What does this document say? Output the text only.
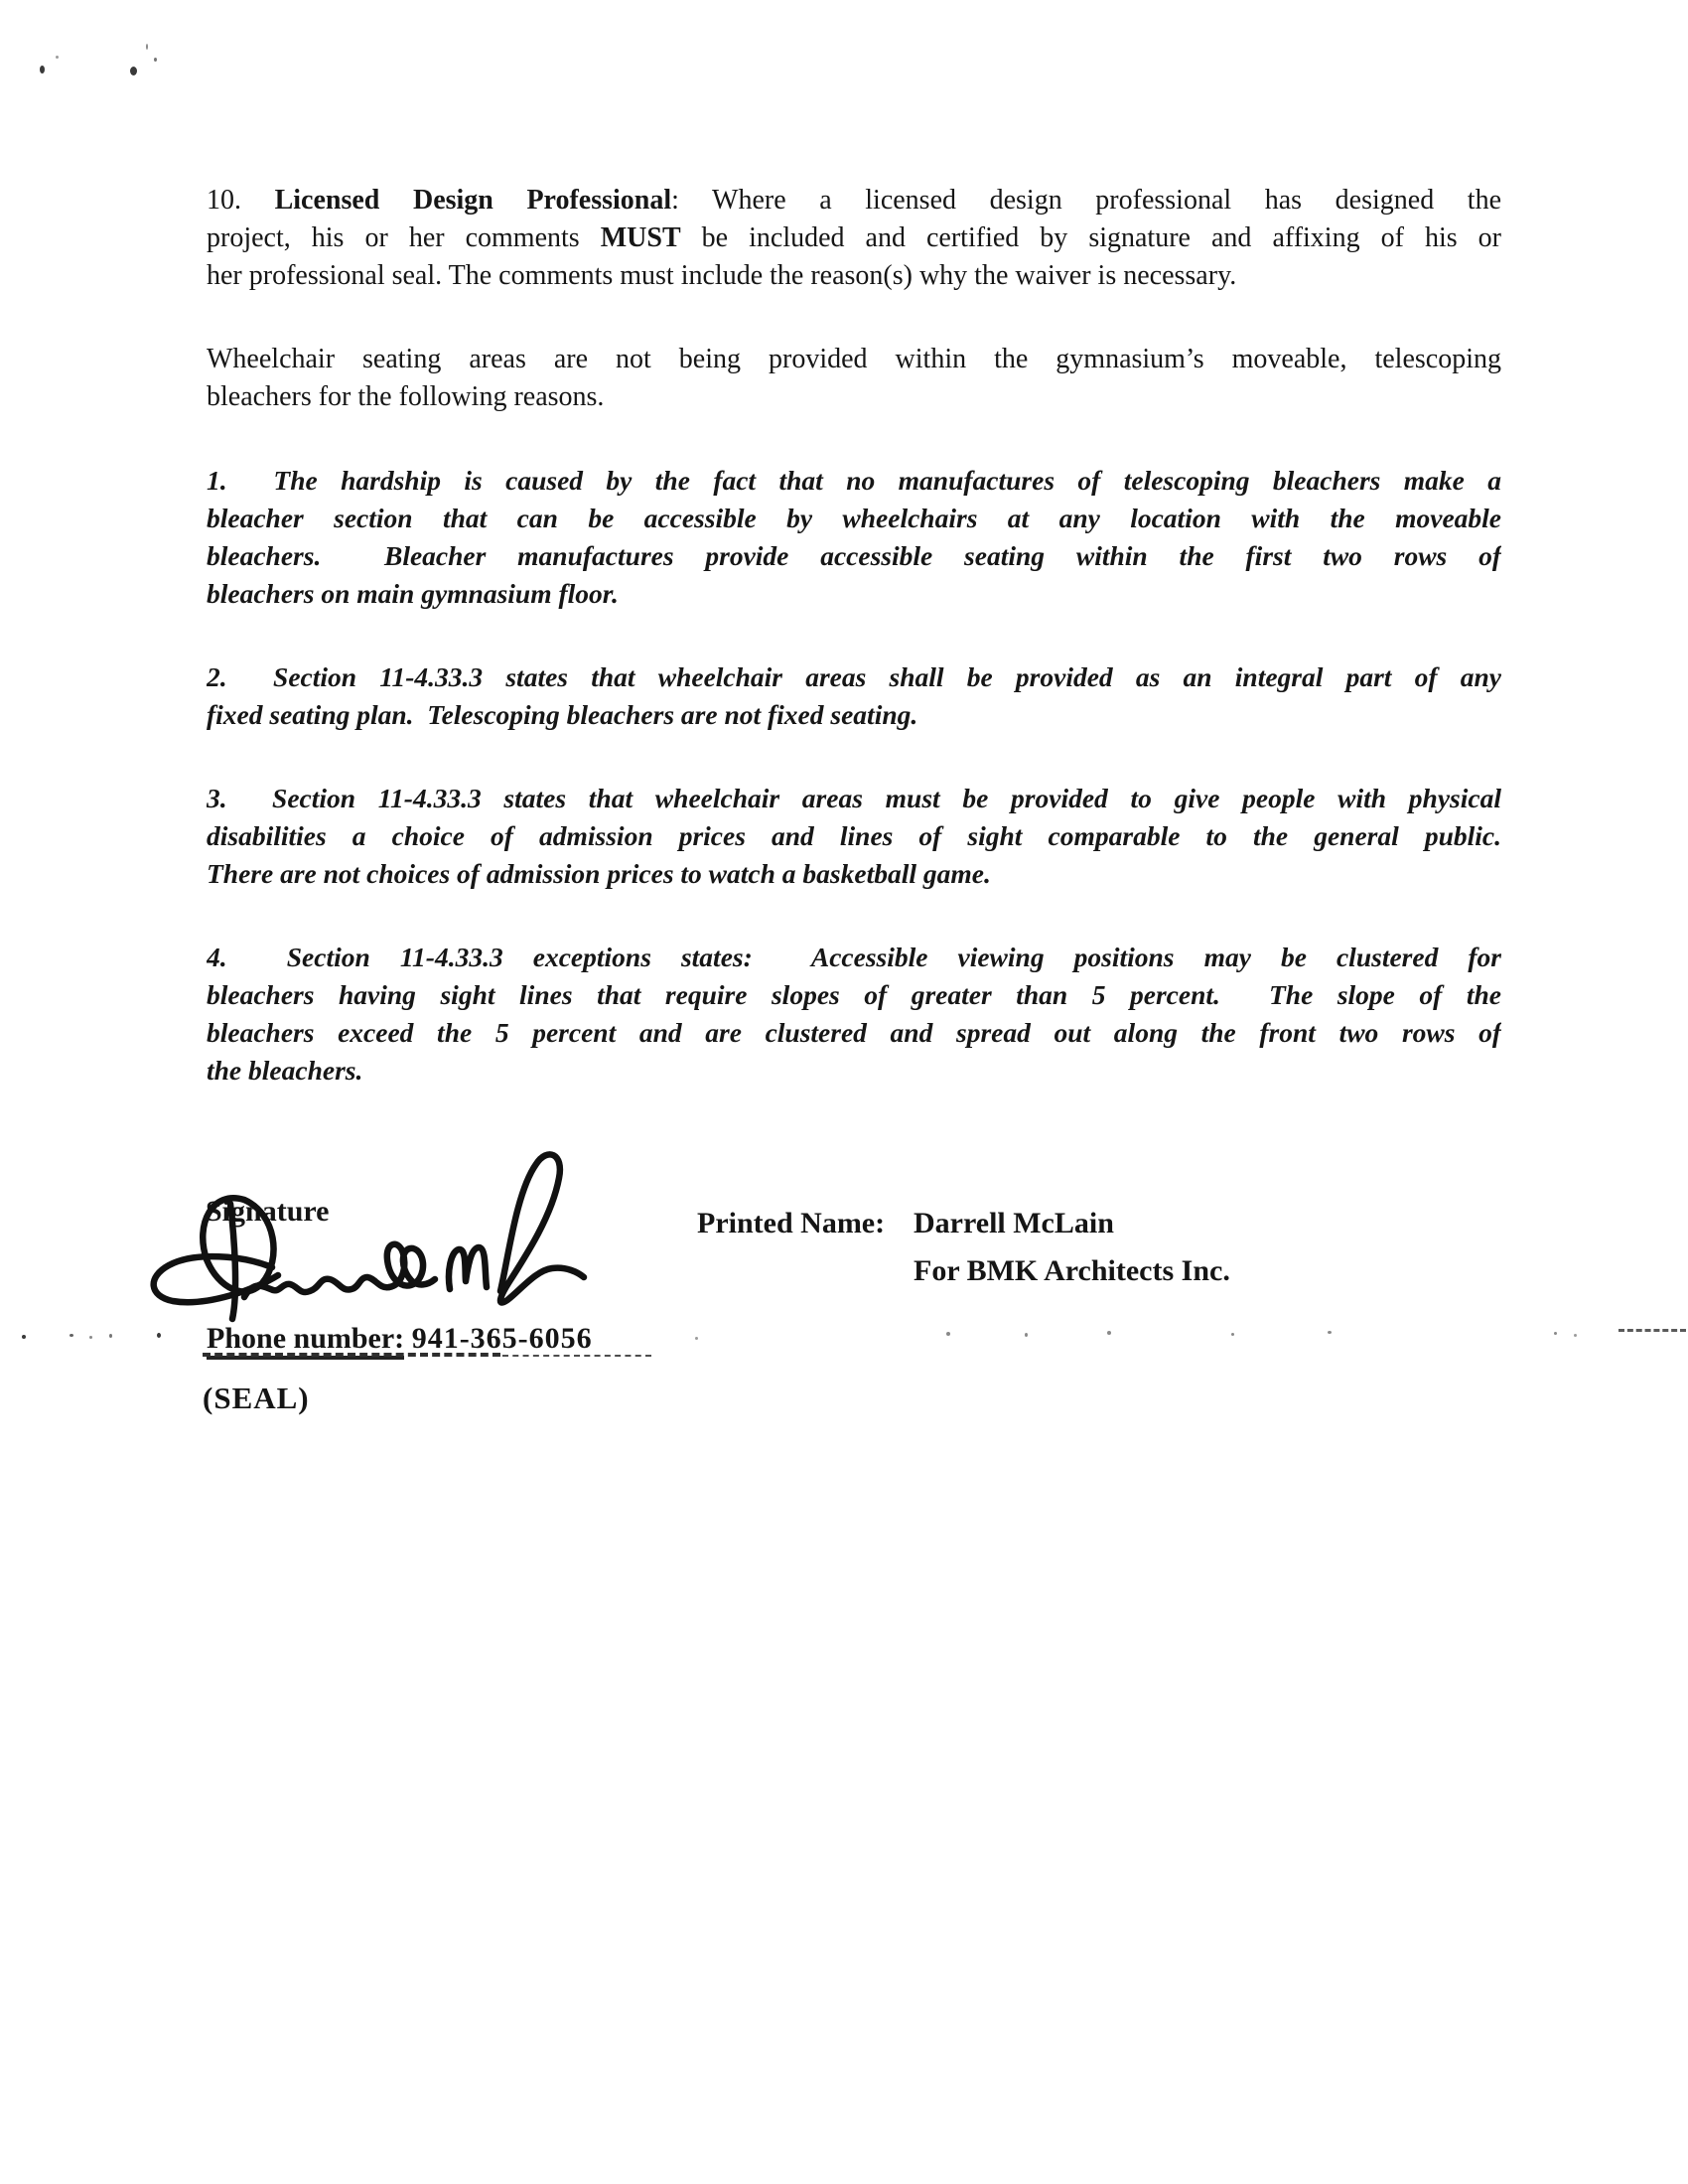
10. Licensed Design Professional: Where a licensed design professional has designed the
project, his or her comments MUST be included and certified by signature and affixing of his or
her professional seal. The comments must include the reason(s) why the waiver is necessary.
Wheelchair seating areas are not being provided within the gymnasium’s moveable, telescoping
bleachers for the following reasons.
1.  The hardship is caused by the fact that no manufactures of telescoping bleachers make a
bleacher section that can be accessible by wheelchairs at any location with the moveable
bleachers.  Bleacher manufactures provide accessible seating within the first two rows of
bleachers on main gymnasium floor.
2.  Section 11-4.33.3 states that wheelchair areas shall be provided as an integral part of any
fixed seating plan.  Telescoping bleachers are not fixed seating.
3.  Section 11-4.33.3 states that wheelchair areas must be provided to give people with physical
disabilities a choice of admission prices and lines of sight comparable to the general public.
There are not choices of admission prices to watch a basketball game.
4.  Section 11-4.33.3 exceptions states:  Accessible viewing positions may be clustered for
bleachers having sight lines that require slopes of greater than 5 percent.  The slope of the
bleachers exceed the 5 percent and are clustered and spread out along the front two rows of
the bleachers.
Signature	Printed Name: Darrell McLain
For BMK Architects Inc.
Phone number: 941-365-6056
(SEAL)
